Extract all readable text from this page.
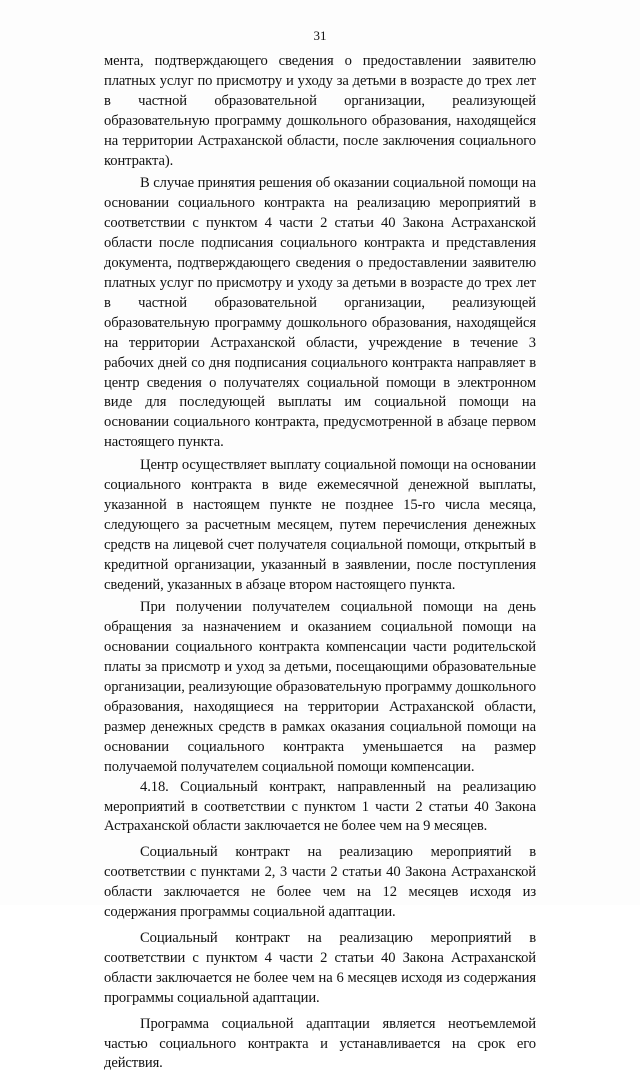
31

мента, подтверждающего сведения о предоставлении заявителю платных услуг по присмотру и уходу за детьми в возрасте до трех лет в частной образовательной организации, реализующей образовательную программу дошкольного образования, находящейся на территории Астраханской области, после заключения социального контракта).

В случае принятия решения об оказании социальной помощи на основании социального контракта на реализацию мероприятий в соответствии с пунктом 4 части 2 статьи 40 Закона Астраханской области после подписания социального контракта и представления документа, подтверждающего сведения о предоставлении заявителю платных услуг по присмотру и уходу за детьми в возрасте до трех лет в частной образовательной организации, реализующей образовательную программу дошкольного образования, находящейся на территории Астраханской области, учреждение в течение 3 рабочих дней со дня подписания социального контракта направляет в центр сведения о получателях социальной помощи в электронном виде для последующей выплаты им социальной помощи на основании социального контракта, предусмотренной в абзаце первом настоящего пункта.

Центр осуществляет выплату социальной помощи на основании социального контракта в виде ежемесячной денежной выплаты, указанной в настоящем пункте не позднее 15-го числа месяца, следующего за расчетным месяцем, путем перечисления денежных средств на лицевой счет получателя социальной помощи, открытый в кредитной организации, указанный в заявлении, после поступления сведений, указанных в абзаце втором настоящего пункта.

При получении получателем социальной помощи на день обращения за назначением и оказанием социальной помощи на основании социального контракта компенсации части родительской платы за присмотр и уход за детьми, посещающими образовательные организации, реализующие образовательную программу дошкольного образования, находящиеся на территории Астраханской области, размер денежных средств в рамках оказания социальной помощи на основании социального контракта уменьшается на размер получаемой получателем социальной помощи компенсации.

4.18. Социальный контракт, направленный на реализацию мероприятий в соответствии с пунктом 1 части 2 статьи 40 Закона Астраханской области заключается не более чем на 9 месяцев.

Социальный контракт на реализацию мероприятий в соответствии с пунктами 2, 3 части 2 статьи 40 Закона Астраханской области заключается не более чем на 12 месяцев исходя из содержания программы социальной адаптации.

Социальный контракт на реализацию мероприятий в соответствии с пунктом 4 части 2 статьи 40 Закона Астраханской области заключается не более чем на 6 месяцев исходя из содержания программы социальной адаптации.

Программа социальной адаптации является неотъемлемой частью социального контракта и устанавливается на срок его действия.
